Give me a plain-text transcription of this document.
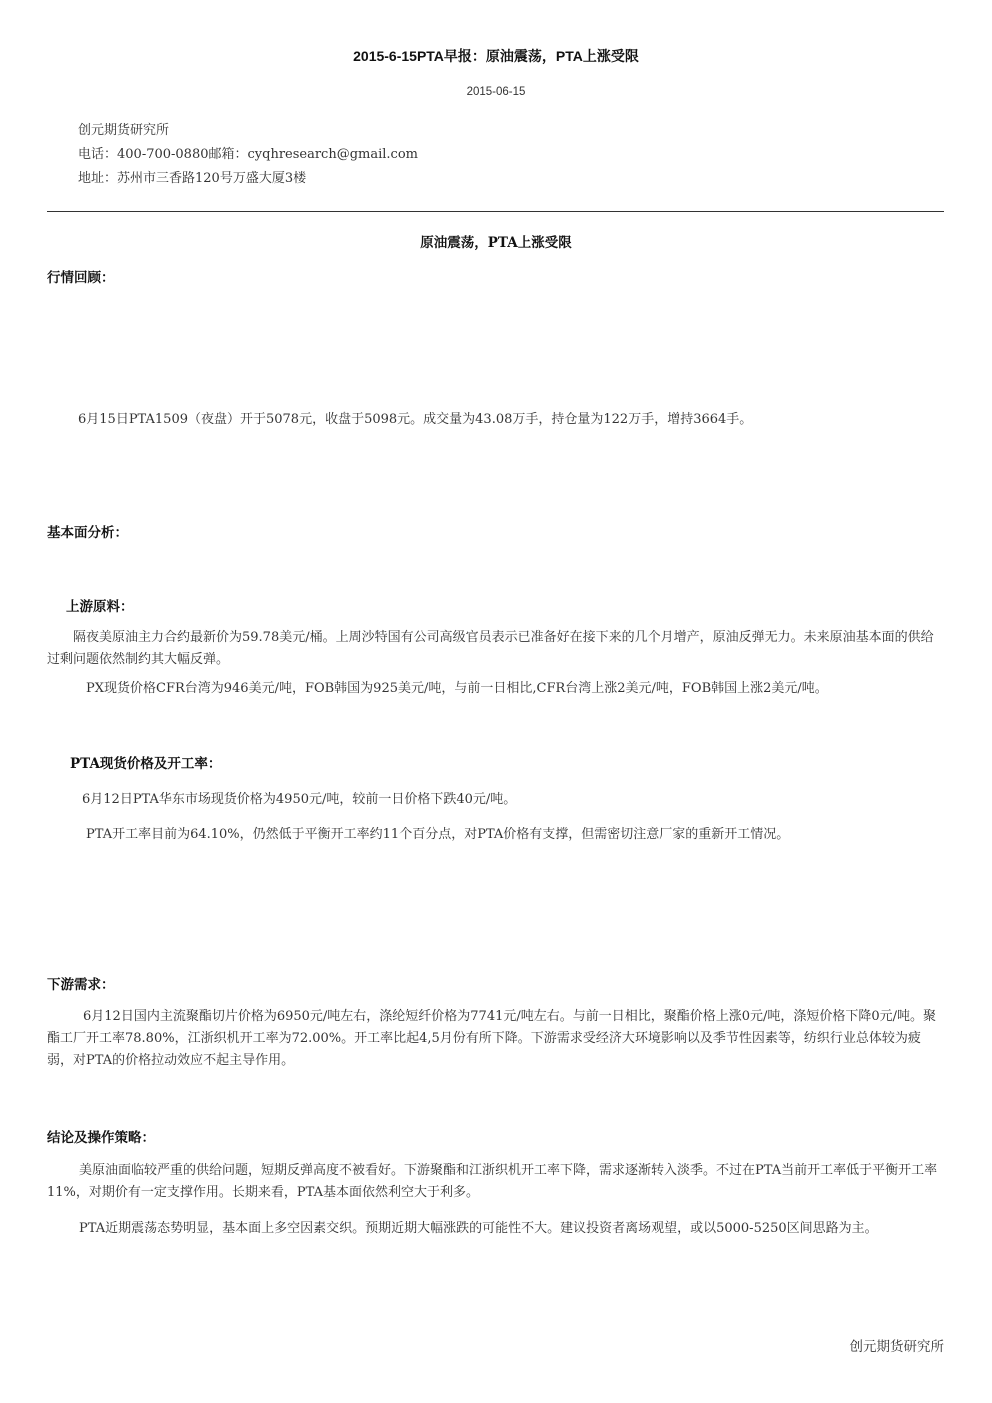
2015-6-15PTA早报：原油震荡，PTA上涨受限
2015-06-15
创元期货研究所
电话：400-700-0880邮箱：cyqhresearch@gmail.com
地址：苏州市三香路120号万盛大厦3楼
原油震荡，PTA上涨受限
行情回顾：
6月15日PTA1509（夜盘）开于5078元，收盘于5098元。成交量为43.08万手，持仓量为122万手，增持3664手。
基本面分析：
上游原料：
隔夜美原油主力合约最新价为59.78美元/桶。上周沙特国有公司高级官员表示已准备好在接下来的几个月增产，原油反弹无力。未来原油基本面的供给过剩问题依然制约其大幅反弹。
PX现货价格CFR台湾为946美元/吨，FOB韩国为925美元/吨，与前一日相比,CFR台湾上涨2美元/吨，FOB韩国上涨2美元/吨。
PTA现货价格及开工率：
6月12日PTA华东市场现货价格为4950元/吨，较前一日价格下跌40元/吨。
PTA开工率目前为64.10%，仍然低于平衡开工率约11个百分点，对PTA价格有支撑，但需密切注意厂家的重新开工情况。
下游需求：
6月12日国内主流聚酯切片价格为6950元/吨左右，涤纶短纤价格为7741元/吨左右。与前一日相比，聚酯价格上涨0元/吨，涤短价格下降0元/吨。聚酯工厂开工率78.80%，江浙织机开工率为72.00%。开工率比起4,5月份有所下降。下游需求受经济大环境影响以及季节性因素等，纺织行业总体较为疲弱，对PTA的价格拉动效应不起主导作用。
结论及操作策略：
美原油面临较严重的供给问题，短期反弹高度不被看好。下游聚酯和江浙织机开工率下降，需求逐渐转入淡季。不过在PTA当前开工率低于平衡开工率11%，对期价有一定支撑作用。长期来看，PTA基本面依然利空大于利多。
PTA近期震荡态势明显，基本面上多空因素交织。预期近期大幅涨跌的可能性不大。建议投资者离场观望，或以5000-5250区间思路为主。
创元期货研究所
